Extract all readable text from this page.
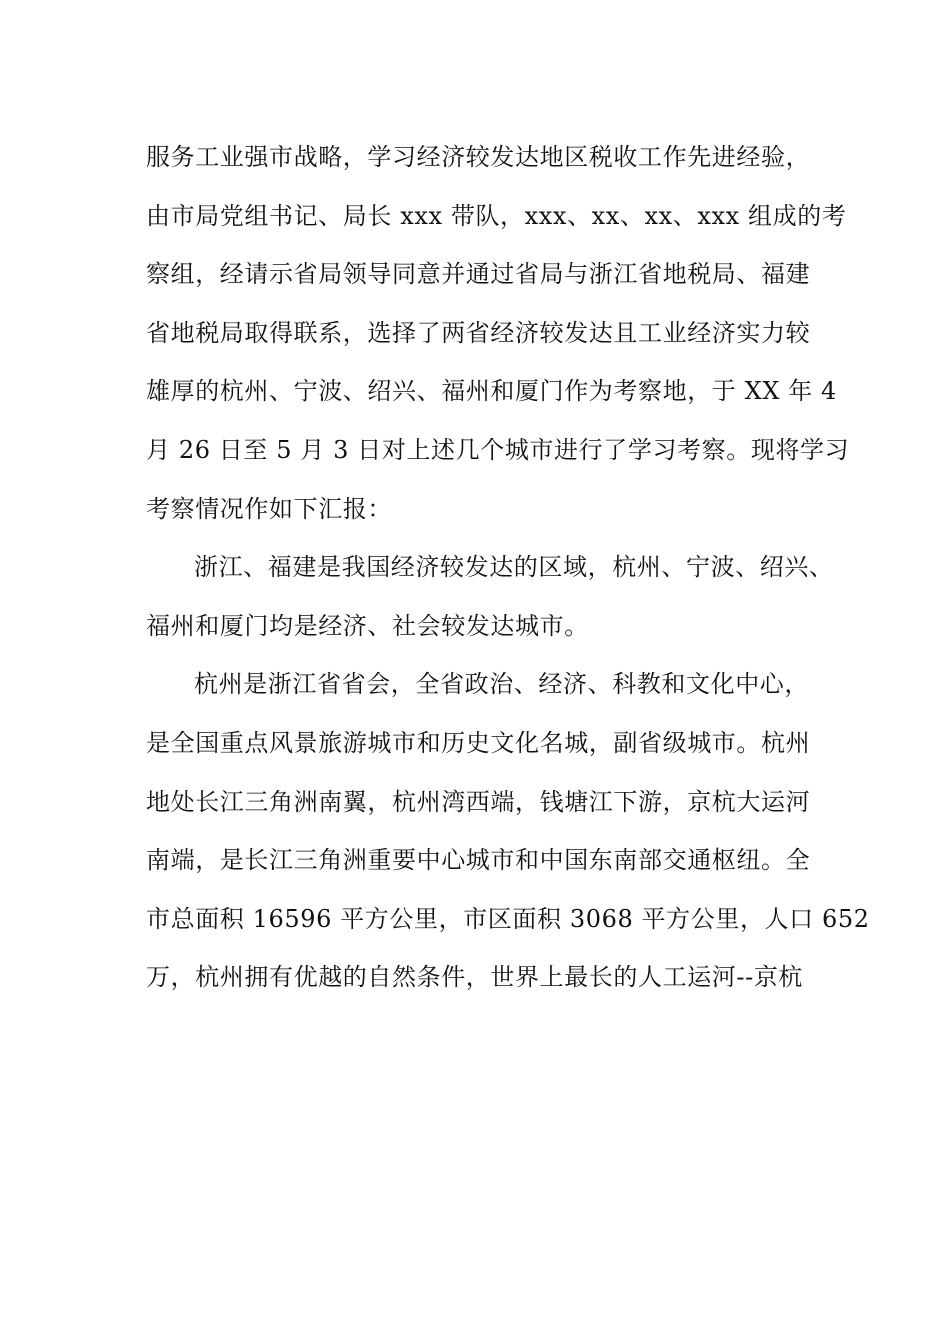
服务工业强市战略，学习经济较发达地区税收工作先进经验，
由市局党组书记、局长 xxx 带队，xxx、xx、xx、xxx 组成的考
察组，经请示省局领导同意并通过省局与浙江省地税局、福建
省地税局取得联系，选择了两省经济较发达且工业经济实力较
雄厚的杭州、宁波、绍兴、福州和厦门作为考察地，于 XX 年 4
月 26 日至 5 月 3 日对上述几个城市进行了学习考察。现将学习
考察情况作如下汇报：
浙江、福建是我国经济较发达的区域，杭州、宁波、绍兴、
福州和厦门均是经济、社会较发达城市。
杭州是浙江省省会，全省政治、经济、科教和文化中心，
是全国重点风景旅游城市和历史文化名城，副省级城市。杭州
地处长江三角洲南翼，杭州湾西端，钱塘江下游，京杭大运河
南端，是长江三角洲重要中心城市和中国东南部交通枢纽。全
市总面积 16596 平方公里，市区面积 3068 平方公里，人口 652
万，杭州拥有优越的自然条件，世界上最长的人工运河--京杭
